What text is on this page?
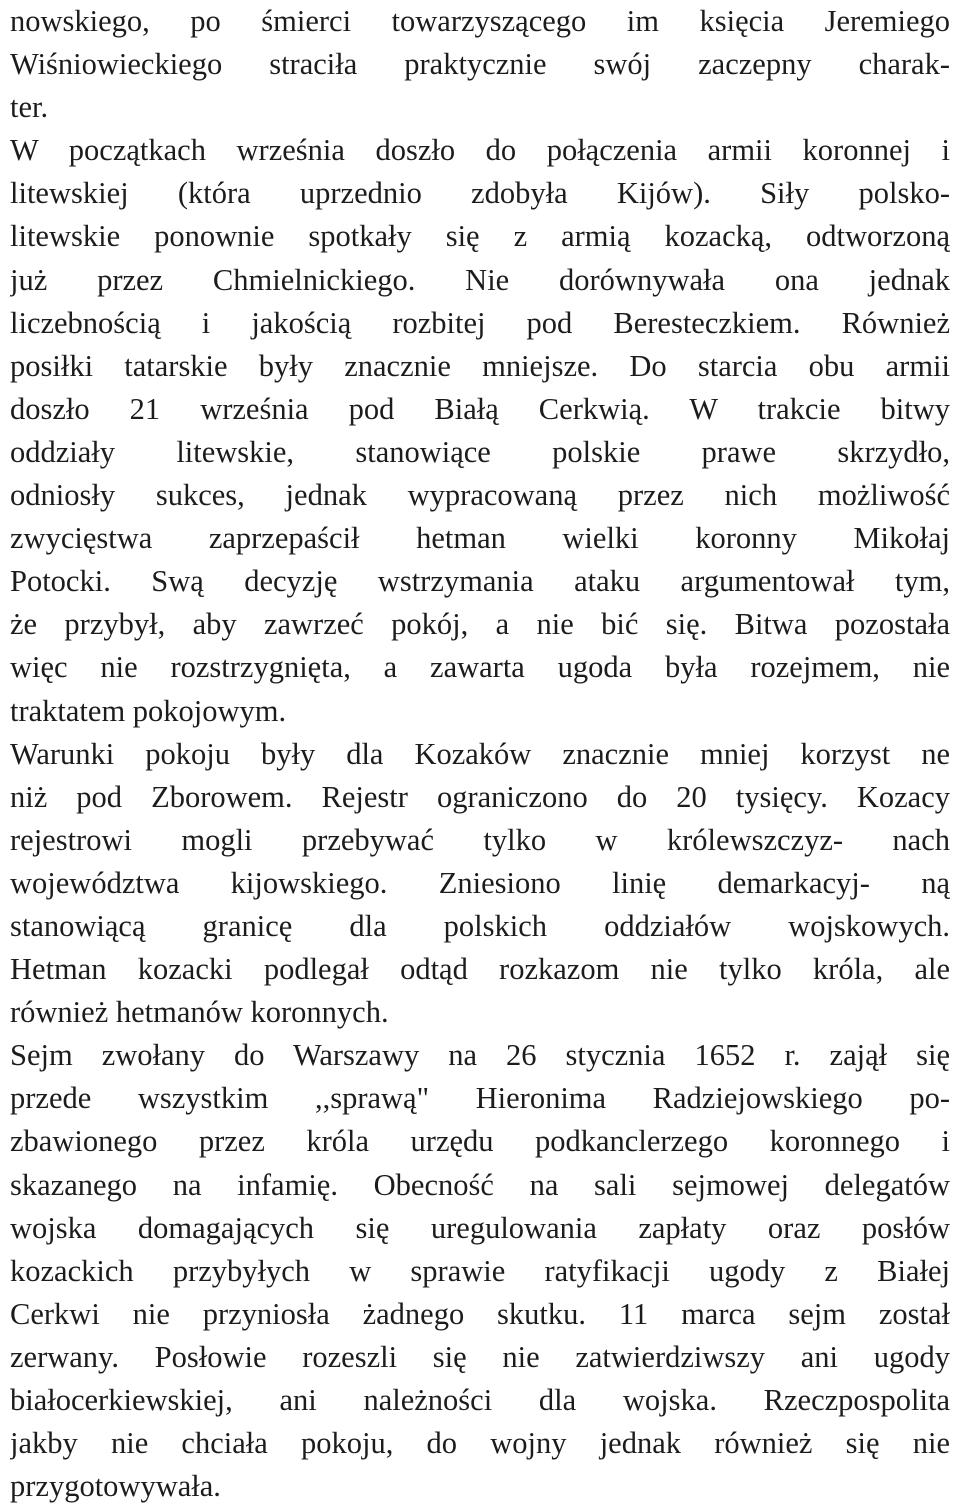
nowskiego, po śmierci towarzyszącego im księcia Jeremiego
Wiśniowieckiego straciła praktycznie swój zaczepny charak-
ter.
W początkach września doszło do połączenia armii koronnej i
litewskiej (która uprzednio zdobyła Kijów). Siły polsko-
litewskie ponownie spotkały się z armią kozacką, odtworzoną
już przez Chmielnickiego. Nie dorównywała ona jednak
liczebnością i jakością rozbitej pod Beresteczkiem. Również
posiłki tatarskie były znacznie mniejsze. Do starcia obu armii
doszło 21 września pod Białą Cerkwią. W trakcie bitwy
oddziały litewskie, stanowiące polskie prawe skrzydło,
odniosły sukces, jednak wypracowaną przez nich możliwość
zwycięstwa zaprzepaścił hetman wielki koronny Mikołaj
Potocki. Swą decyzję wstrzymania ataku argumentował tym,
że przybył, aby zawrzeć pokój, a nie bić się. Bitwa pozostała
więc nie rozstrzygnięta, a zawarta ugoda była rozejmem, nie
traktatem pokojowym.
Warunki pokoju były dla Kozaków znacznie mniej korzyst ne
niż pod Zborowem. Rejestr ograniczono do 20 tysięcy. Kozacy
rejestrowi mogli przebywać tylko w królewszczyz- nach
województwa kijowskiego. Zniesiono linię demarkacyj- ną
stanowiącą granicę dla polskich oddziałów wojskowych.
Hetman kozacki podlegał odtąd rozkazom nie tylko króla, ale
również hetmanów koronnych.
Sejm zwołany do Warszawy na 26 stycznia 1652 r. zajął się
przede wszystkim ,,sprawą" Hieronima Radziejowskiego po-
zbawionego przez króla urzędu podkanclerzego koronnego i
skazanego na infamię. Obecność na sali sejmowej delegatów
wojska domagających się uregulowania zapłaty oraz posłów
kozackich przybyłych w sprawie ratyfikacji ugody z Białej
Cerkwi nie przyniosła żadnego skutku. 11 marca sejm został
zerwany. Posłowie rozeszli się nie zatwierdziwszy ani ugody
białocerkiewskiej, ani należności dla wojska. Rzeczpospolita
jakby nie chciała pokoju, do wojny jednak również się nie
przygotowywała.
